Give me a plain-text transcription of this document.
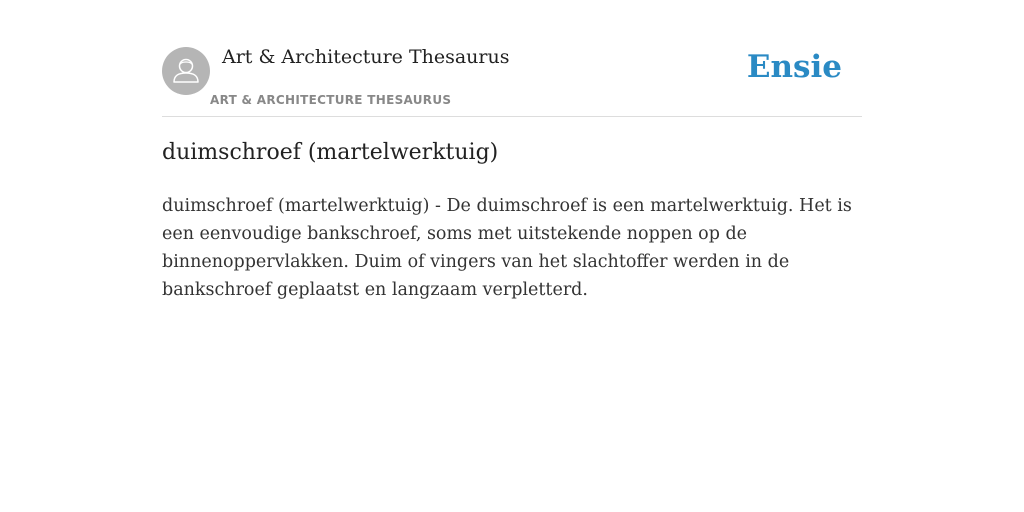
Art & Architecture Thesaurus
ART & ARCHITECTURE THESAURUS
Ensie
duimschroef (martelwerktuig)

duimschroef (martelwerktuig) - De duimschroef is een martelwerktuig. Het is een eenvoudige bankschroef, soms met uitstekende noppen op de binnenoppervlakken. Duim of vingers van het slachtoffer werden in de bankschroef geplaatst en langzaam verpletterd.
